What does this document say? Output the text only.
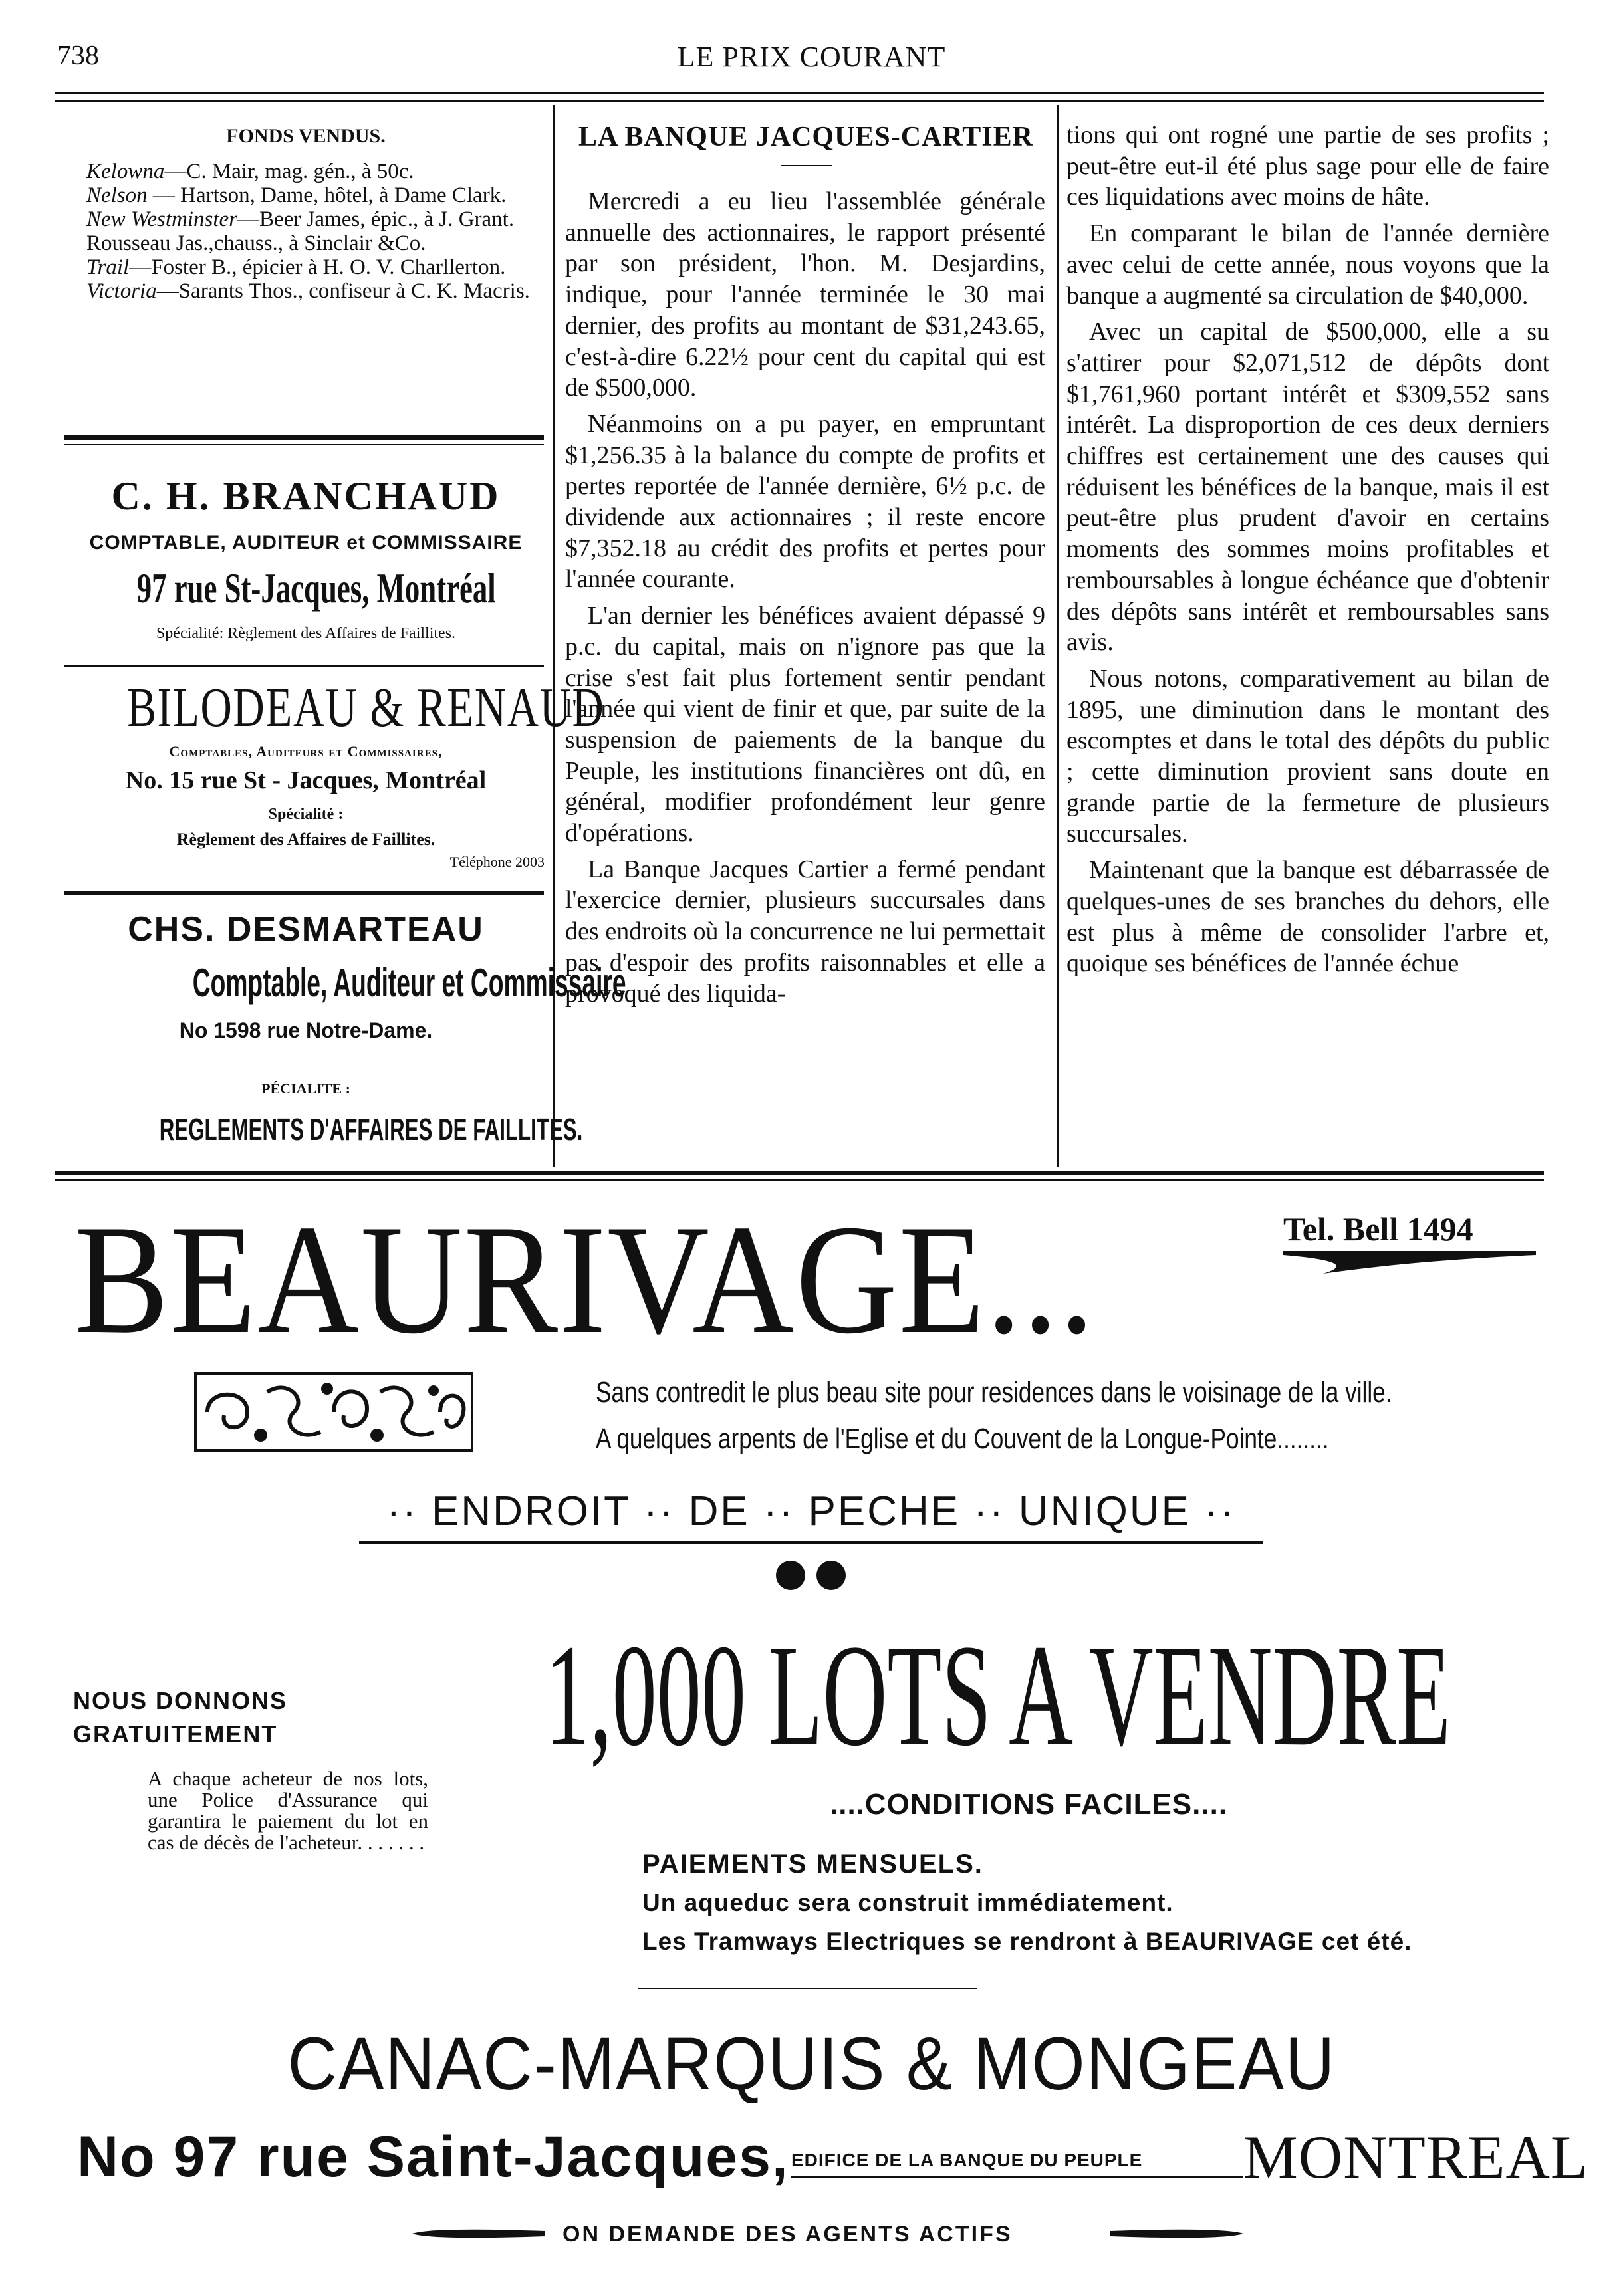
738	LE PRIX COURANT
FONDS VENDUS.

Kelowna—C. Mair, mag. gén., à 50c.

Nelson — Hartson, Dame, hôtel, à Dame Clark.

New Westminster—Beer James, épic., à J. Grant.

Rousseau Jas.,chauss., à Sinclair &Co.

Trail—Foster B., épicier à H. O. V. Charllerton.

Victoria—Sarants Thos., confiseur à C. K. Macris.

C. H. BRANCHAUD
COMPTABLE, AUDITEUR et COMMISSAIRE
97 rue St-Jacques, Montréal
Spécialité: Règlement des Affaires de Faillites.
BILODEAU & RENAUD
Comptables, Auditeurs et Commissaires,
No. 15 rue St - Jacques, Montréal
Spécialité :
Règlement des Affaires de Faillites.
Téléphone 2003
CHS. DESMARTEAU
Comptable, Auditeur et Commissaire
No 1598 rue Notre-Dame.
PÉCIALITE :
REGLEMENTS D'AFFAIRES DE FAILLITES.
LA BANQUE JACQUES-CARTIER

Mercredi a eu lieu l'assemblée générale annuelle des actionnaires, le rapport présenté par son président, l'hon. M. Desjardins, indique, pour l'année terminée le 30 mai dernier, des profits au montant de $31,243.65, c'est-à-dire 6.22½ pour cent du capital qui est de $500,000.

Néanmoins on a pu payer, en empruntant $1,256.35 à la balance du compte de profits et pertes reportée de l'année dernière, 6½ p.c. de dividende aux actionnaires ; il reste encore $7,352.18 au crédit des profits et pertes pour l'année courante.

L'an dernier les bénéfices avaient dépassé 9 p.c. du capital, mais on n'ignore pas que la crise s'est fait plus fortement sentir pendant l'année qui vient de finir et que, par suite de la suspension de paiements de la banque du Peuple, les institutions financières ont dû, en général, modifier profondément leur genre d'opérations.

La Banque Jacques Cartier a fermé pendant l'exercice dernier, plusieurs succursales dans des endroits où la concurrence ne lui permettait pas d'espoir des profits raisonnables et elle a provoqué des liquida-

tions qui ont rogné une partie de ses profits ; peut-être eut-il été plus sage pour elle de faire ces liquidations avec moins de hâte.

En comparant le bilan de l'année dernière avec celui de cette année, nous voyons que la banque a augmenté sa circulation de $40,000.

Avec un capital de $500,000, elle a su s'attirer pour $2,071,512 de dépôts dont $1,761,960 portant intérêt et $309,552 sans intérêt. La disproportion de ces deux derniers chiffres est certainement une des causes qui réduisent les bénéfices de la banque, mais il est peut-être plus prudent d'avoir en certains moments des sommes moins profitables et remboursables à longue échéance que d'obtenir des dépôts sans intérêt et remboursables sans avis.

Nous notons, comparativement au bilan de 1895, une diminution dans le montant des escomptes et dans le total des dépôts du public ; cette diminution provient sans doute en grande partie de la fermeture de plusieurs succursales.

Maintenant que la banque est débarrassée de quelques-unes de ses branches du dehors, elle est plus à même de consolider l'arbre et, quoique ses bénéfices de l'année échue

BEAURIVAGE...	Tel. Bell 1494
Sans contredit le plus beau site pour residences dans le voisinage de la ville.
A quelques arpents de l'Eglise et du Couvent de la Longue-Pointe........
·· ENDROIT ·· DE ·· PECHE ·· UNIQUE ··
1,000 LOTS A VENDRE
NOUS DONNONS
GRATUITEMENT
A chaque acheteur de nos lots, une Police d'Assurance qui garantira le paiement du lot en cas de décès de l'acheteur. . . . . . .
....CONDITIONS FACILES....
PAIEMENTS MENSUELS.
Un aqueduc sera construit immédiatement.
Les Tramways Electriques se rendront à BEAURIVAGE cet été.
CANAC-MARQUIS & MONGEAU
No 97 rue Saint-Jacques, EDIFICE DE LA BANQUE DU PEUPLE MONTREAL
ON DEMANDE DES AGENTS ACTIFS
